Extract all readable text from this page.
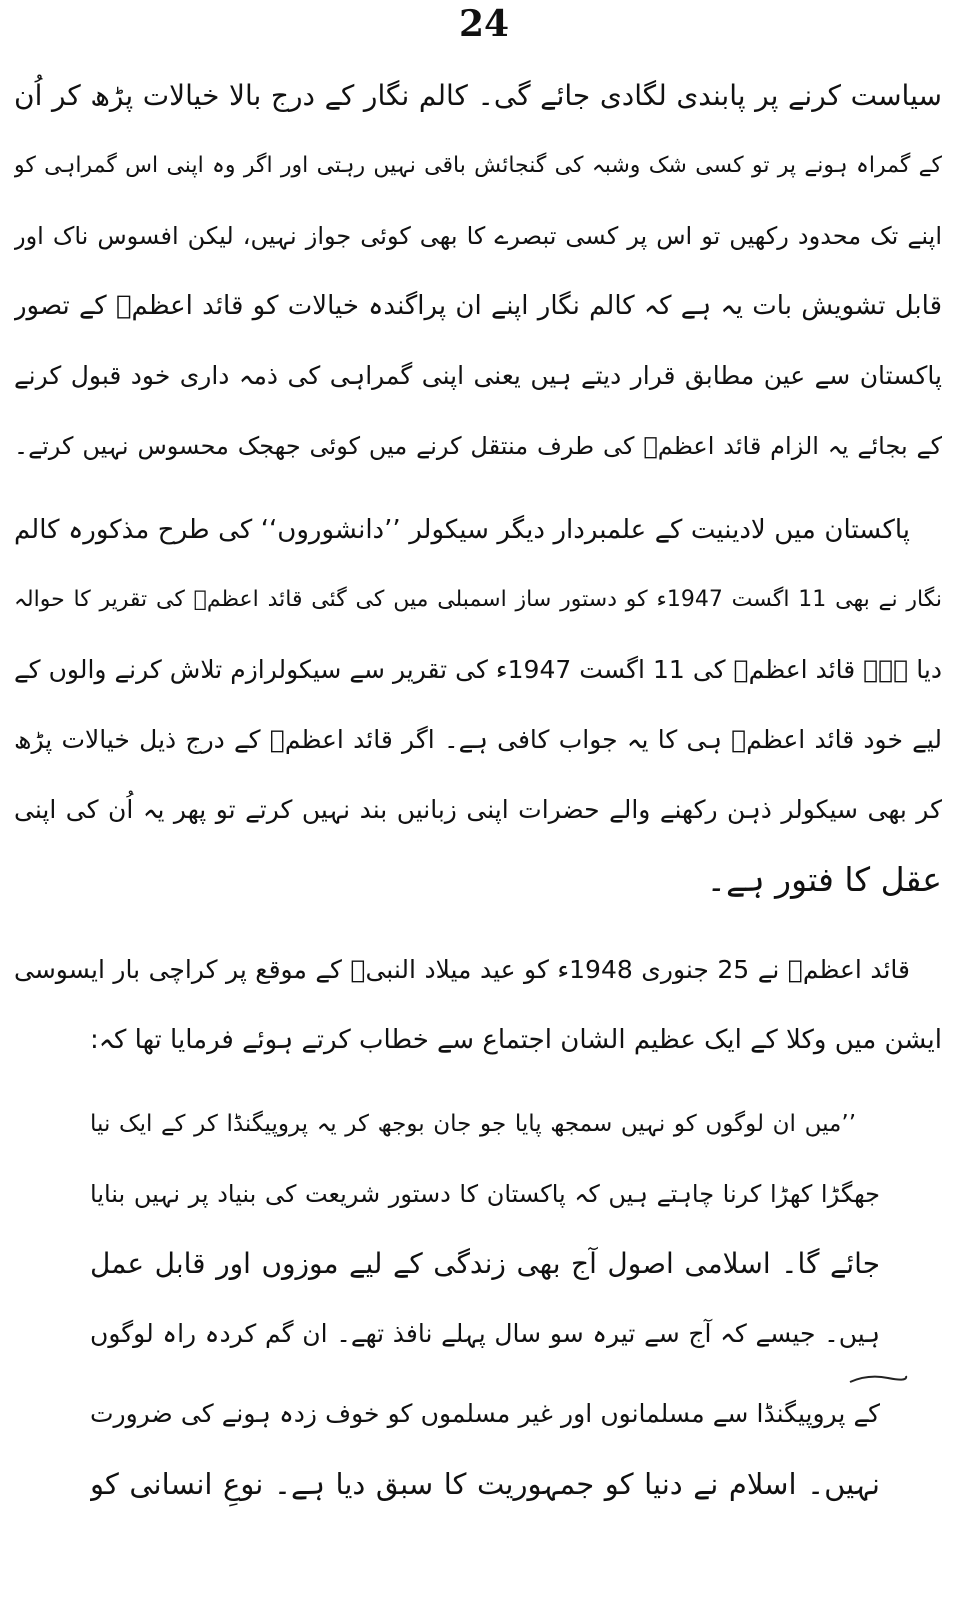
24
سیاست کرنے پر پابندی لگادی جائے گی۔ کالم نگار کے درج بالا خیالات پڑھ کر اُن
کے گمراہ ہونے پر تو کسی شک وشبہ کی گنجائش باقی نہیں رہتی اور اگر وہ اپنی اس گمراہی کو
اپنے تک محدود رکھیں تو اس پر کسی تبصرے کا بھی کوئی جواز نہیں، لیکن افسوس ناک اور
قابل تشویش بات یہ ہے کہ کالم نگار اپنے ان پراگندہ خیالات کو قائد اعظمؒ کے تصور
پاکستان سے عین مطابق قرار دیتے ہیں یعنی اپنی گمراہی کی ذمہ داری خود قبول کرنے
کے بجائے یہ الزام قائد اعظمؒ کی طرف منتقل کرنے میں کوئی جھجک محسوس نہیں کرتے۔
پاکستان میں لادینیت کے علمبردار دیگر سیکولر ’’دانشوروں‘‘ کی طرح مذکورہ کالم
نگار نے بھی 11 اگست 1947ء کو دستور ساز اسمبلی میں کی گئی قائد اعظمؒ کی تقریر کا حوالہ
دیا ہے۔ قائد اعظمؒ کی 11 اگست 1947ء کی تقریر سے سیکولرازم تلاش کرنے والوں کے
لیے خود قائد اعظمؒ ہی کا یہ جواب کافی ہے۔ اگر قائد اعظمؒ کے درج ذیل خیالات پڑھ
کر بھی سیکولر ذہن رکھنے والے حضرات اپنی زبانیں بند نہیں کرتے تو پھر یہ اُن کی اپنی
عقل کا فتور ہے۔
قائد اعظمؒ نے 25 جنوری 1948ء کو عید میلاد النبیؐ کے موقع پر کراچی بار ایسوسی
ایشن میں وکلا کے ایک عظیم الشان اجتماع سے خطاب کرتے ہوئے فرمایا تھا کہ:
’’میں ان لوگوں کو نہیں سمجھ پایا جو جان بوجھ کر یہ پروپیگنڈا کر کے ایک نیا
جھگڑا کھڑا کرنا چاہتے ہیں کہ پاکستان کا دستور شریعت کی بنیاد پر نہیں بنایا
جائے گا۔ اسلامی اصول آج بھی زندگی کے لیے موزوں اور قابل عمل
ہیں۔ جیسے کہ آج سے تیرہ سو سال پہلے نافذ تھے۔ ان گم کردہ راہ لوگوں
کے پروپیگنڈا سے مسلمانوں اور غیر مسلموں کو خوف زدہ ہونے کی ضرورت
نہیں۔ اسلام نے دنیا کو جمہوریت کا سبق دیا ہے۔ نوعِ انسانی کو
